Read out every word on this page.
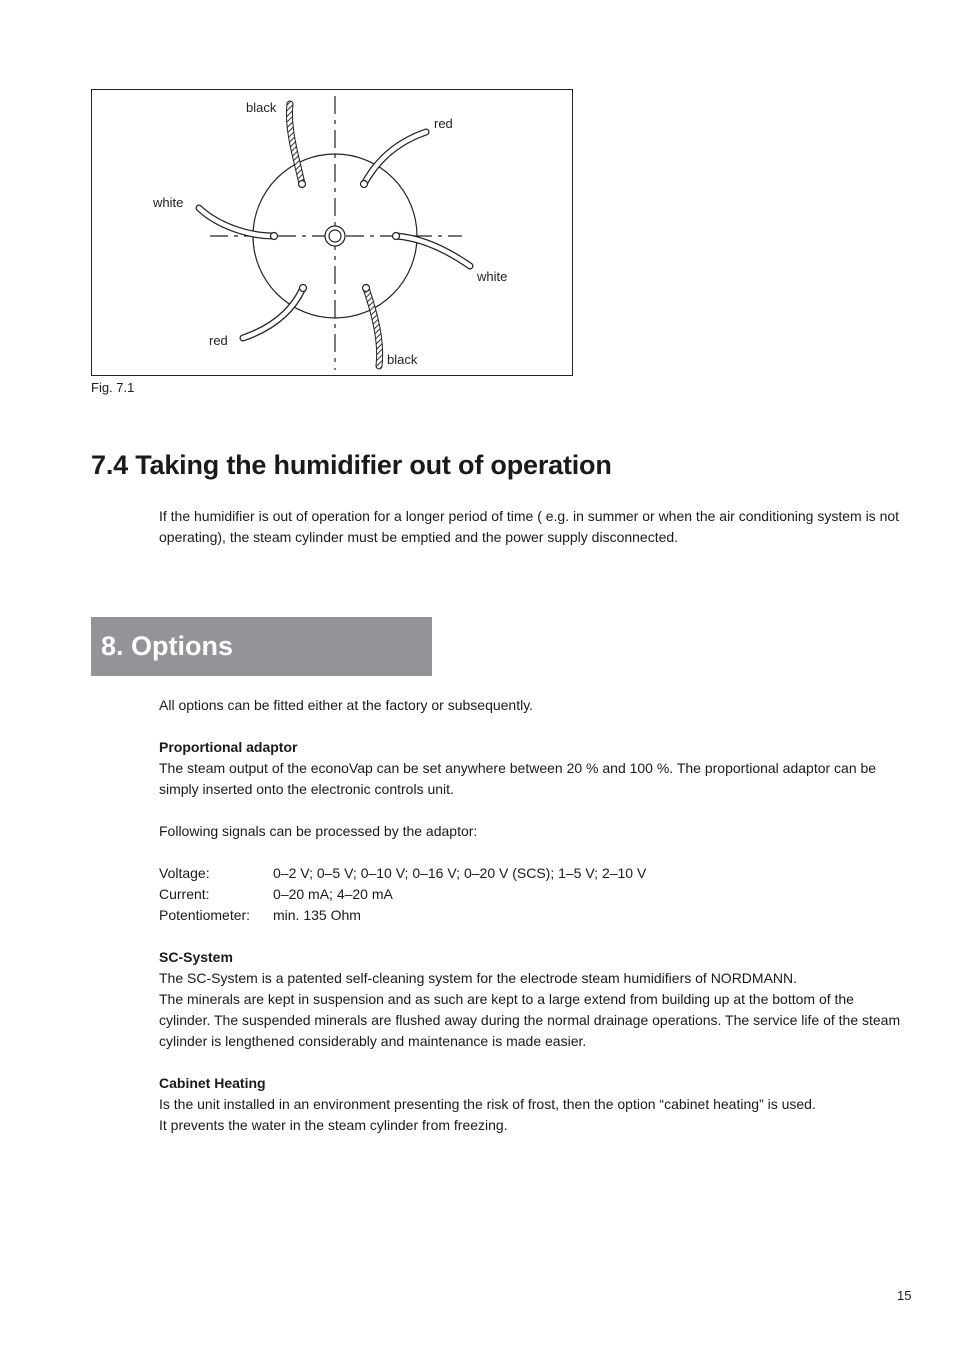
black
red
white
white
red
black
Fig. 7.1
7.4 Taking the humidifier out of operation

If the humidifier is out of operation for a longer period of time ( e.g. in summer or when the air conditioning system is not operating), the steam cylinder must be emptied and the power supply disconnected.

8. Options

All options can be fitted either at the factory or subsequently.

Proportional adaptor
The steam output of the econoVap can be set anywhere between 20 % and 100 %. The proportional adaptor can be simply inserted onto the electronic controls unit.

Following signals can be processed by the adaptor:

Voltage:	0–2 V; 0–5 V; 0–10 V; 0–16 V; 0–20 V (SCS); 1–5 V; 2–10 V
Current:	0–20 mA; 4–20 mA
Potentiometer: min. 135 Ohm
SC-System
The SC-System is a patented self-cleaning system for the electrode steam humidifiers of NORDMANN.
The minerals are kept in suspension and as such are kept to a large extend from building up at the bottom of the cylinder. The suspended minerals are flushed away during the normal drainage operations. The service life of the steam cylinder is lengthened considerably and maintenance is made easier.
Cabinet Heating
Is the unit installed in an environment presenting the risk of frost, then the option “cabinet heating” is used.
It prevents the water in the steam cylinder from freezing.
15
